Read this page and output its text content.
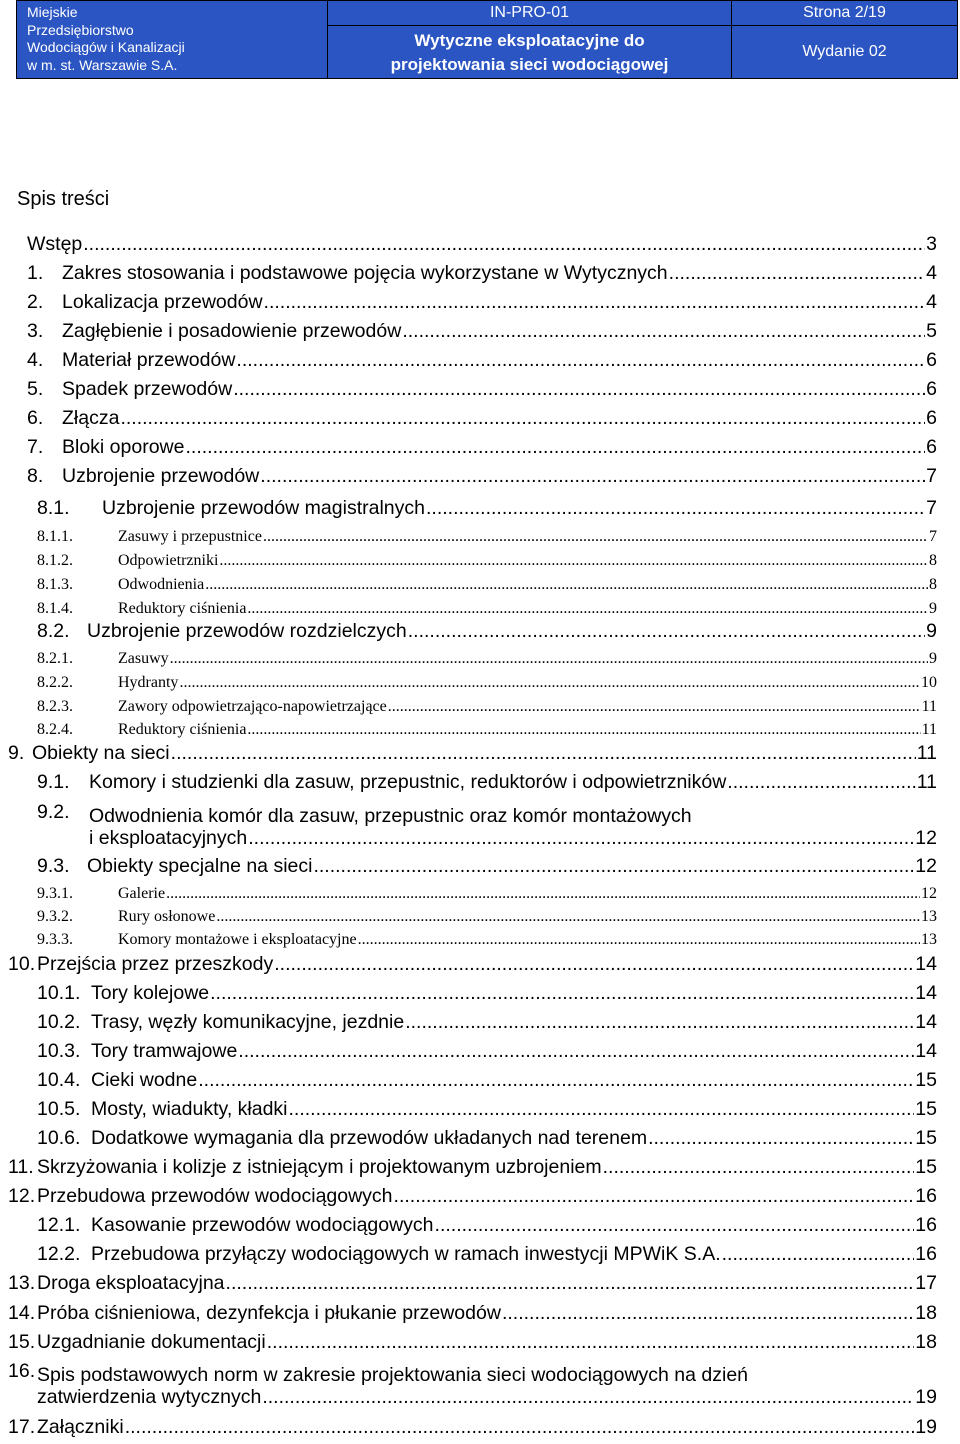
Miejskie
Przedsiębiorstwo
Wodociągów i Kanalizacji
w m. st. Warszawie S.A.

IN-PRO-01
Wytyczne eksploatacyjne do
projektowania sieci wodociągowej

Strona 2/19
Wydanie 02
Spis treści
Wstęp .....	3
1. Zakres stosowania i podstawowe pojęcia wykorzystane w Wytycznych .....	4
2. Lokalizacja przewodów .....	4
3. Zagłębienie i posadowienie przewodów .....	5
4. Materiał przewodów .....	6
5. Spadek przewodów .....	6
6. Złącza .....	6
7. Bloki oporowe .....	6
8. Uzbrojenie przewodów .....	7
8.1.	Uzbrojenie przewodów magistralnych .....	7
8.1.1.	Zasuwy i przepustnice .....	7
8.1.2.	Odpowietrzniki .....	8
8.1.3.	Odwodnienia .....	8
8.1.4.	Reduktory ciśnienia .....	9
8.2. Uzbrojenie przewodów rozdzielczych .....	9
8.2.1.	Zasuwy .....	9
8.2.2.	Hydranty .....	10
8.2.3.	Zawory odpowietrzająco-napowietrzające .....	11
8.2.4.	Reduktory ciśnienia .....	11
9. Obiekty na sieci .....	11
9.1. Komory i studzienki dla zasuw, przepustnic, reduktorów i odpowietrzników .....	11
9.2. Odwodnienia komór dla zasuw, przepustnic oraz komór montażowych
i eksploatacyjnych .....	12
9.3. Obiekty specjalne na sieci .....	12
9.3.1.	Galerie .....	12
9.3.2.	Rury osłonowe .....	13
9.3.3.	Komory montażowe i eksploatacyjne .....	13
10. Przejścia przez przeszkody .....	14
10.1. Tory kolejowe .....	14
10.2. Trasy, węzły komunikacyjne, jezdnie .....	14
10.3. Tory tramwajowe .....	14
10.4. Cieki wodne .....	15
10.5. Mosty, wiadukty, kładki .....	15
10.6. Dodatkowe wymagania dla przewodów układanych nad terenem .....	15
11. Skrzyżowania i kolizje z istniejącym i projektowanym uzbrojeniem .....	15
12. Przebudowa przewodów wodociągowych .....	16
12.1. Kasowanie przewodów wodociągowych .....	16
12.2. Przebudowa przyłączy wodociągowych w ramach inwestycji MPWiK S.A. .....	16
13. Droga eksploatacyjna .....	17
14. Próba ciśnieniowa, dezynfekcja i płukanie przewodów .....	18
15. Uzgadnianie dokumentacji .....	18
16. Spis podstawowych norm w zakresie projektowania sieci wodociągowych na dzień
zatwierdzenia wytycznych .....	19
17. Załączniki .....	19
